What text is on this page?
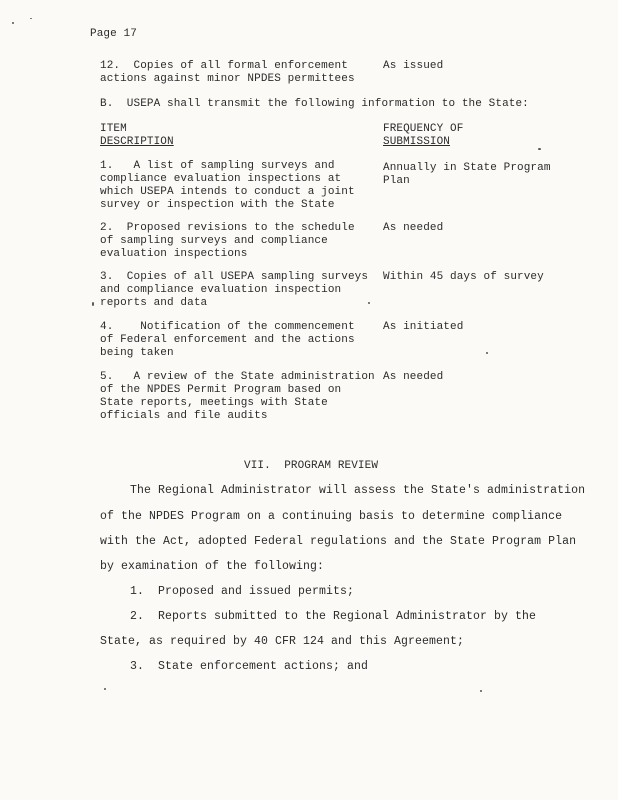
Page 17
12.  Copies of all formal enforcement
actions against minor NPDES permittees
As issued
B.  USEPA shall transmit the following information to the State:
ITEM
DESCRIPTION
FREQUENCY OF
SUBMISSION
1.   A list of sampling surveys and
compliance evaluation inspections at
which USEPA intends to conduct a joint
survey or inspection with the State
Annually in State Program
Plan
2.  Proposed revisions to the schedule
of sampling surveys and compliance
evaluation inspections
As needed
3.  Copies of all USEPA sampling surveys
and compliance evaluation inspection
reports and data
Within 45 days of survey
4.    Notification of the commencement
of Federal enforcement and the actions
being taken
As initiated
5.   A review of the State administration
of the NPDES Permit Program based on
State reports, meetings with State
officials and file audits
As needed
VII.  PROGRAM REVIEW
The Regional Administrator will assess the State's administration
of the NPDES Program on a continuing basis to determine compliance
with the Act, adopted Federal regulations and the State Program Plan
by examination of the following:
1. Proposed and issued permits;
2. Reports submitted to the Regional Administrator by the
State, as required by 40 CFR 124 and this Agreement;
3. State enforcement actions; and
